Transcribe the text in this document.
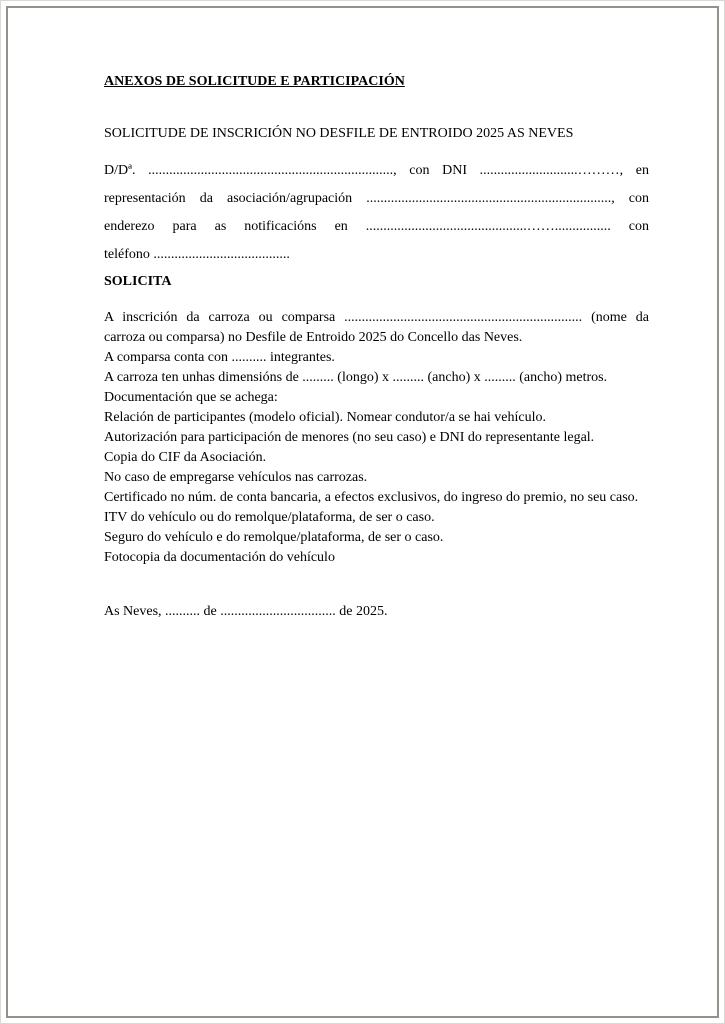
ANEXOS DE SOLICITUDE E PARTICIPACIÓN
SOLICITUDE DE INSCRICIÓN NO DESFILE DE ENTROIDO 2025 AS NEVES
D/Dª. ......................................................................, con DNI ............................………, en
representación da asociación/agrupación ......................................................................, con
enderezo para as notificacións en ..............................................……................ con
teléfono .......................................
SOLICITA
A inscrición da carroza ou comparsa .................................................................... (nome da
carroza ou comparsa) no Desfile de Entroido 2025 do Concello das Neves.
A comparsa conta con .......... integrantes.
A carroza ten unhas dimensións de ......... (longo) x ......... (ancho) x ......... (ancho) metros.
Documentación que se achega:
Relación de participantes (modelo oficial). Nomear condutor/a se hai vehículo.
Autorización para participación de menores (no seu caso) e DNI do representante legal.
Copia do CIF da Asociación.
No caso de empregarse vehículos nas carrozas.
Certificado no núm. de conta bancaria, a efectos exclusivos, do ingreso do premio, no seu caso.
ITV do vehículo ou do remolque/plataforma, de ser o caso.
Seguro do vehículo e do remolque/plataforma, de ser o caso.
Fotocopia da documentación do vehículo
As Neves, .......... de ................................. de 2025.
